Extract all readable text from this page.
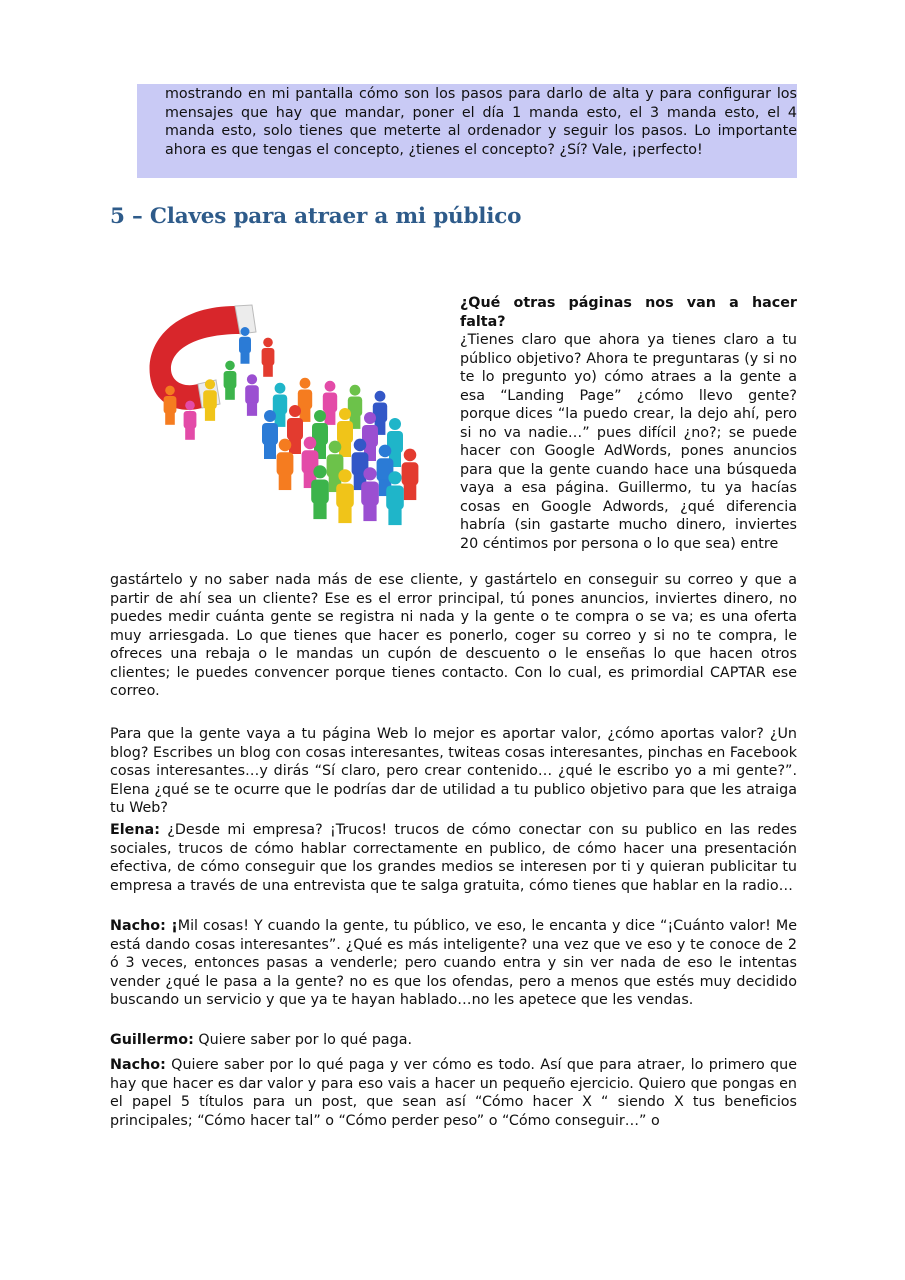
mostrando en mi pantalla cómo son los pasos para darlo de alta y para configurar los mensajes que hay que mandar, poner el día 1 manda esto, el 3 manda esto, el 4 manda esto, solo tienes que meterte al ordenador y seguir los pasos. Lo importante ahora es que tengas el concepto, ¿tienes el concepto? ¿Sí? Vale, ¡perfecto!

5 – Claves para atraer a mi público
¿Qué otras páginas nos van a hacer falta?
¿Tienes claro que ahora ya tienes claro a tu público objetivo? Ahora te preguntaras (y si no te lo pregunto yo) cómo atraes a la gente a esa “Landing Page” ¿cómo llevo gente? porque dices “la puedo crear, la dejo ahí, pero si no va nadie…” pues difícil ¿no?; se puede hacer con Google AdWords, pones anuncios para que la gente cuando hace una búsqueda vaya a esa página. Guillermo, tu ya hacías cosas en Google Adwords, ¿qué diferencia habría (sin gastarte mucho dinero, inviertes 20 céntimos por persona o lo que sea) entre

gastártelo y no saber nada más de ese cliente, y gastártelo en conseguir su correo y que a partir de ahí sea un cliente? Ese es el error principal, tú pones anuncios, inviertes dinero, no puedes medir cuánta gente se registra ni nada y la gente o te compra o se va; es una oferta muy arriesgada. Lo que tienes que hacer es ponerlo, coger su correo y si no te compra, le ofreces una rebaja o le mandas un cupón de descuento o le enseñas lo que hacen otros clientes; le puedes convencer porque tienes contacto. Con lo cual, es primordial CAPTAR ese correo.

Para que la gente vaya a tu página Web lo mejor es aportar valor, ¿cómo aportas valor? ¿Un blog? Escribes un blog con cosas interesantes, twiteas cosas interesantes, pinchas en Facebook cosas interesantes…y dirás “Sí claro, pero crear contenido… ¿qué le escribo yo a mi gente?”. Elena ¿qué se te ocurre que le podrías dar de utilidad a tu publico objetivo para que les atraiga tu Web?

Elena: ¿Desde mi empresa? ¡Trucos! trucos de cómo conectar con su publico en las redes sociales, trucos de cómo hablar correctamente en publico, de cómo hacer una presentación efectiva, de cómo conseguir que los grandes medios se interesen por ti y quieran publicitar tu empresa a través de una entrevista que te salga gratuita, cómo tienes que hablar en la radio…

Nacho: ¡Mil cosas! Y cuando la gente, tu público, ve eso, le encanta y dice “¡Cuánto valor! Me está dando cosas interesantes”. ¿Qué es más inteligente? una vez que ve eso y te conoce de 2 ó 3 veces, entonces pasas a venderle; pero cuando entra y sin ver nada de eso le intentas vender ¿qué le pasa a la gente? no es que los ofendas, pero a menos que estés muy decidido buscando un servicio y que ya te hayan hablado…no les apetece que les vendas.

Guillermo: Quiere saber por lo qué paga.

Nacho: Quiere saber por lo qué paga y ver cómo es todo. Así que para atraer, lo primero que hay que hacer es dar valor y para eso vais a hacer un pequeño ejercicio. Quiero que pongas en el papel 5 títulos para un post, que sean así “Cómo hacer X “ siendo X tus beneficios principales; “Cómo hacer tal” o “Cómo perder peso” o “Cómo conseguir…” o
